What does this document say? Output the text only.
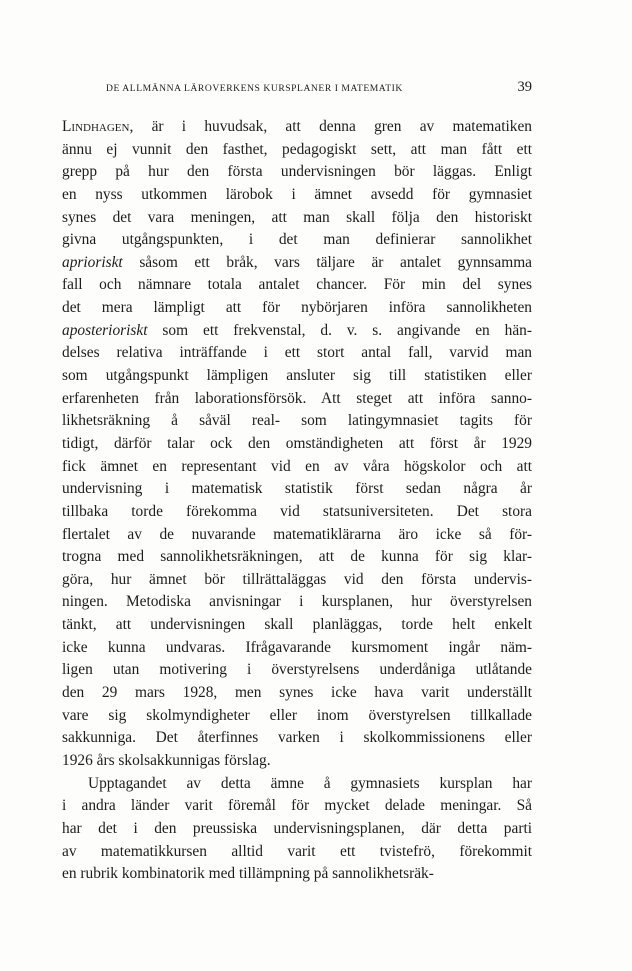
DE ALLMÄNNA LÄROVERKENS KURSPLANER I MATEMATIK	39
Lindhagen, är i huvudsak, att denna gren av matematiken
ännu ej vunnit den fasthet, pedagogiskt sett, att man fått ett
grepp på hur den första undervisningen bör läggas. Enligt
en nyss utkommen lärobok i ämnet avsedd för gymnasiet
synes det vara meningen, att man skall följa den historiskt
givna utgångspunkten, i det man definierar sannolikhet
aprioriskt såsom ett bråk, vars täljare är antalet gynnsamma
fall och nämnare totala antalet chancer. För min del synes
det mera lämpligt att för nybörjaren införa sannolikheten
aposterioriskt som ett frekvenstal, d. v. s. angivande en hän-
delses relativa inträffande i ett stort antal fall, varvid man
som utgångspunkt lämpligen ansluter sig till statistiken eller
erfarenheten från laborationsförsök. Att steget att införa sanno-
likhetsräkning å såväl real- som latingymnasiet tagits för
tidigt, därför talar ock den omständigheten att först år 1929
fick ämnet en representant vid en av våra högskolor och att
undervisning i matematisk statistik först sedan några år
tillbaka torde förekomma vid statsuniversiteten. Det stora
flertalet av de nuvarande matematiklärarna äro icke så för-
trogna med sannolikhetsräkningen, att de kunna för sig klar-
göra, hur ämnet bör tillrättaläggas vid den första undervis-
ningen. Metodiska anvisningar i kursplanen, hur överstyrelsen
tänkt, att undervisningen skall planläggas, torde helt enkelt
icke kunna undvaras. Ifrågavarande kursmoment ingår näm-
ligen utan motivering i överstyrelsens underdåniga utlåtande
den 29 mars 1928, men synes icke hava varit underställt
vare sig skolmyndigheter eller inom överstyrelsen tillkallade
sakkunniga. Det återfinnes varken i skolkommissionens eller
1926 års skolsakkunnigas förslag.
Upptagandet av detta ämne å gymnasiets kursplan har
i andra länder varit föremål för mycket delade meningar. Så
har det i den preussiska undervisningsplanen, där detta parti
av matematikkursen alltid varit ett tvistefrö, förekommit
en rubrik kombinatorik med tillämpning på sannolikhetsräk-
